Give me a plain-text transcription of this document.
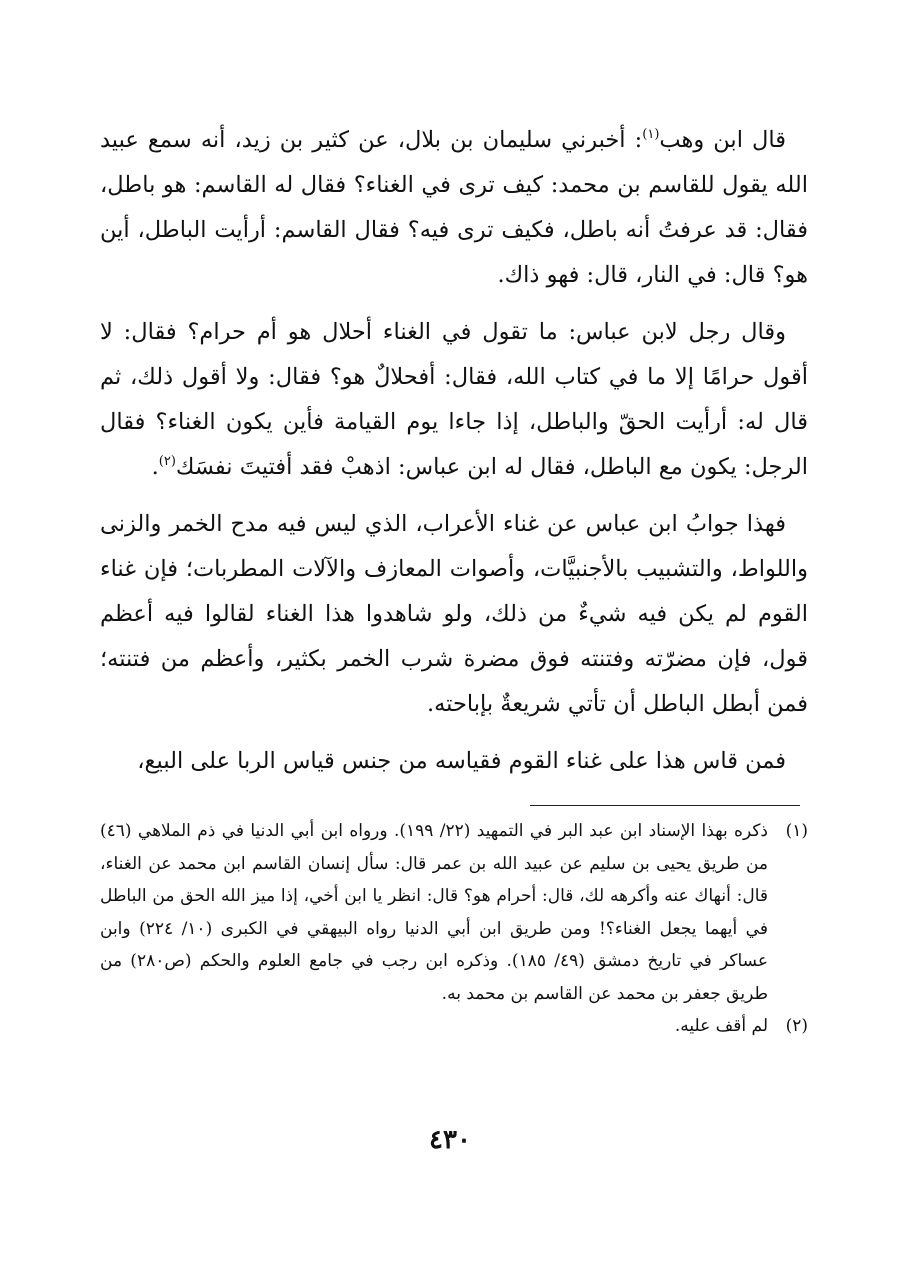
قال ابن وهب$^{(١)}$: أخبرني سليمان بن بلال، عن كثير بن زيد، أنه سمع عبيد الله يقول للقاسم بن محمد: كيف ترى في الغناء؟ فقال له القاسم: هو باطل، فقال: قد عرفتُ أنه باطل، فكيف ترى فيه؟ فقال القاسم: أرأيت الباطل، أين هو؟ قال: في النار، قال: فهو ذاك.

وقال رجل لابن عباس: ما تقول في الغناء أحلال هو أم حرام؟ فقال: لا أقول حرامًا إلا ما في كتاب الله، فقال: أفحلالٌ هو؟ فقال: ولا أقول ذلك، ثم قال له: أرأيت الحقّ والباطل، إذا جاءا يوم القيامة فأين يكون الغناء؟ فقال الرجل: يكون مع الباطل، فقال له ابن عباس: اذهبْ فقد أفتيتَ نفسَك$^{(٢)}$.

فهذا جوابُ ابن عباس عن غناء الأعراب، الذي ليس فيه مدح الخمر والزنى واللواط، والتشبيب بالأجنبيَّات، وأصوات المعازف والآلات المطربات؛ فإن غناء القوم لم يكن فيه شيءٌ من ذلك، ولو شاهدوا هذا الغناء لقالوا فيه أعظم قول، فإن مضرّته وفتنته فوق مضرة شرب الخمر بكثير، وأعظم من فتنته؛ فمن أبطل الباطل أن تأتي شريعةٌ بإباحته.

فمن قاس هذا على غناء القوم فقياسه من جنس قياس الربا على البيع،

(١)
ذكره بهذا الإسناد ابن عبد البر في التمهيد (٢٢/ ١٩٩). ورواه ابن أبي الدنيا في ذم الملاهي (٤٦) من طريق يحيى بن سليم عن عبيد الله بن عمر قال: سأل إنسان القاسم ابن محمد عن الغناء، قال: أنهاك عنه وأكرهه لك، قال: أحرام هو؟ قال: انظر يا ابن أخي، إذا ميز الله الحق من الباطل في أيهما يجعل الغناء؟! ومن طريق ابن أبي الدنيا رواه البيهقي في الكبرى (١٠/ ٢٢٤) وابن عساكر في تاريخ دمشق (٤٩/ ١٨٥). وذكره ابن رجب في جامع العلوم والحكم (ص٢٨٠) من طريق جعفر بن محمد عن القاسم بن محمد به.

(٢)
لم أقف عليه.

٤٣٠
